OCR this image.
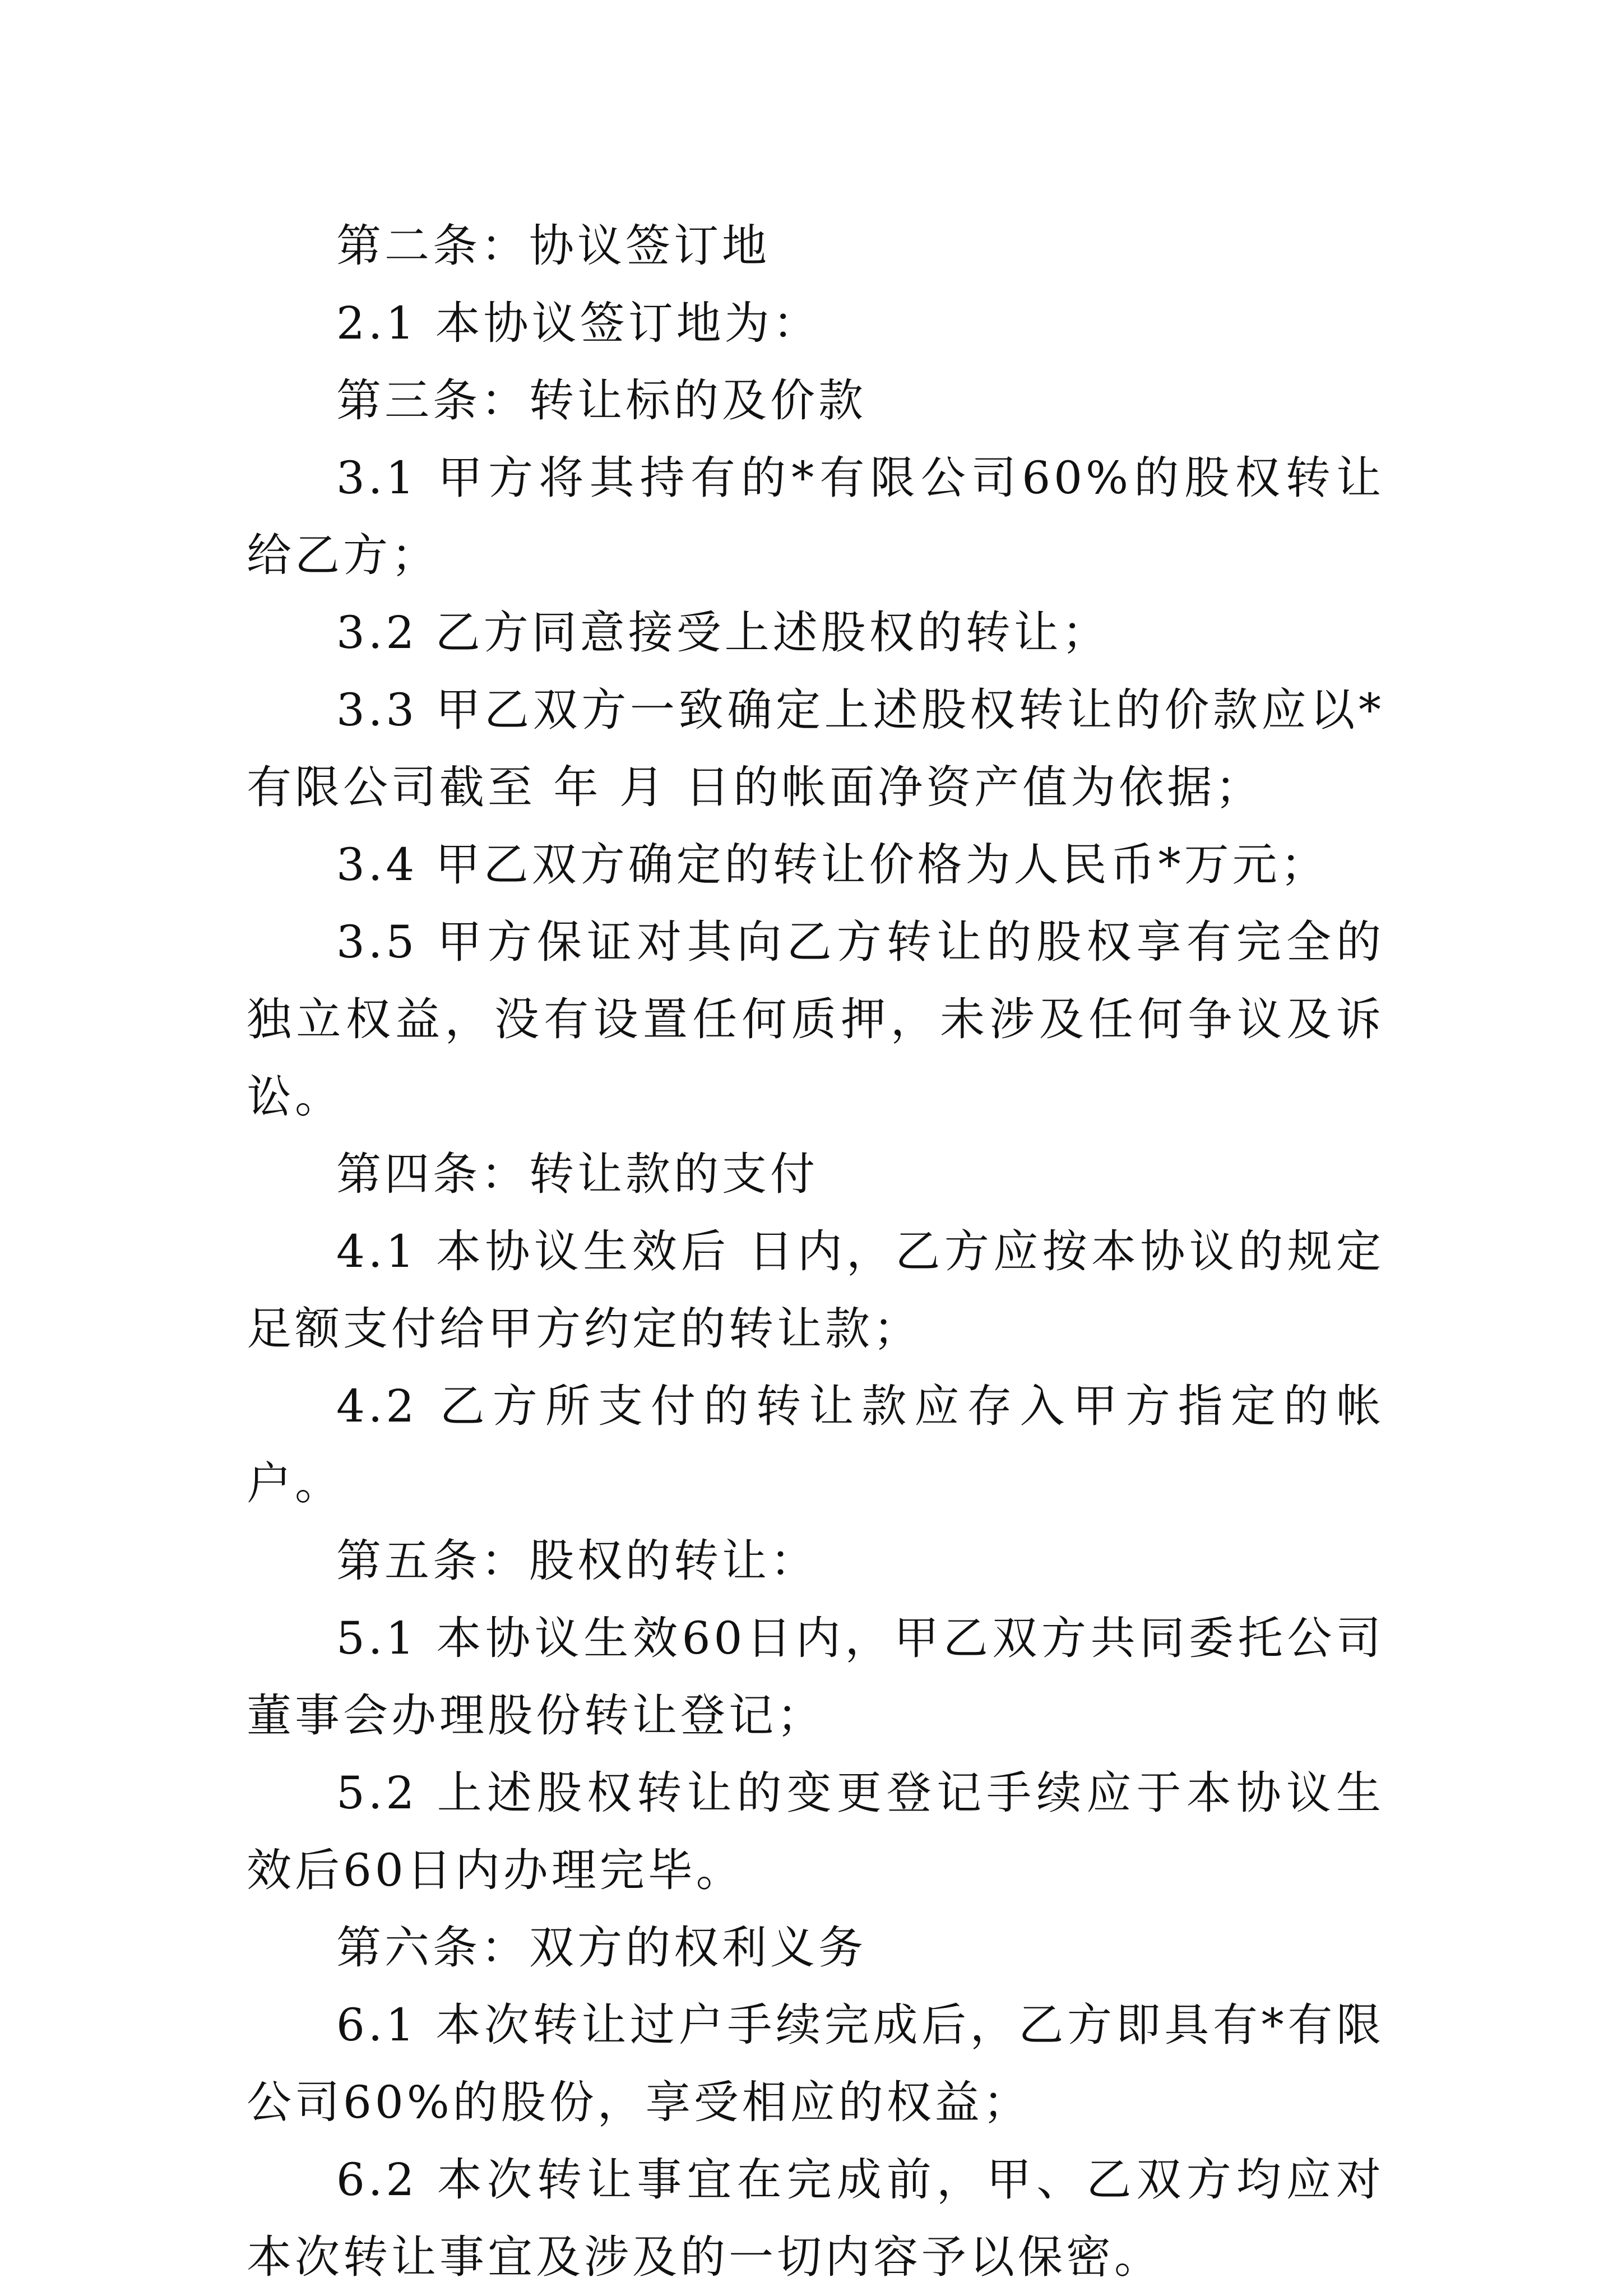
第二条：协议签订地

2.1 本协议签订地为：

第三条：转让标的及价款

3.1 甲方将其持有的*有限公司60%的股权转让给乙方；

3.2 乙方同意接受上述股权的转让；

3.3 甲乙双方一致确定上述股权转让的价款应以*有限公司截至 年 月 日的帐面净资产值为依据；

3.4 甲乙双方确定的转让价格为人民币*万元；

3.5 甲方保证对其向乙方转让的股权享有完全的独立权益，没有设置任何质押，未涉及任何争议及诉讼。

第四条：转让款的支付

4.1 本协议生效后 日内，乙方应按本协议的规定足额支付给甲方约定的转让款；

4.2 乙方所支付的转让款应存入甲方指定的帐户。

第五条：股权的转让：

5.1 本协议生效60日内，甲乙双方共同委托公司董事会办理股份转让登记；

5.2 上述股权转让的变更登记手续应于本协议生效后60日内办理完毕。

第六条：双方的权利义务

6.1 本次转让过户手续完成后，乙方即具有*有限公司60%的股份，享受相应的权益；

6.2 本次转让事宜在完成前，甲、乙双方均应对本次转让事宜及涉及的一切内容予以保密。
